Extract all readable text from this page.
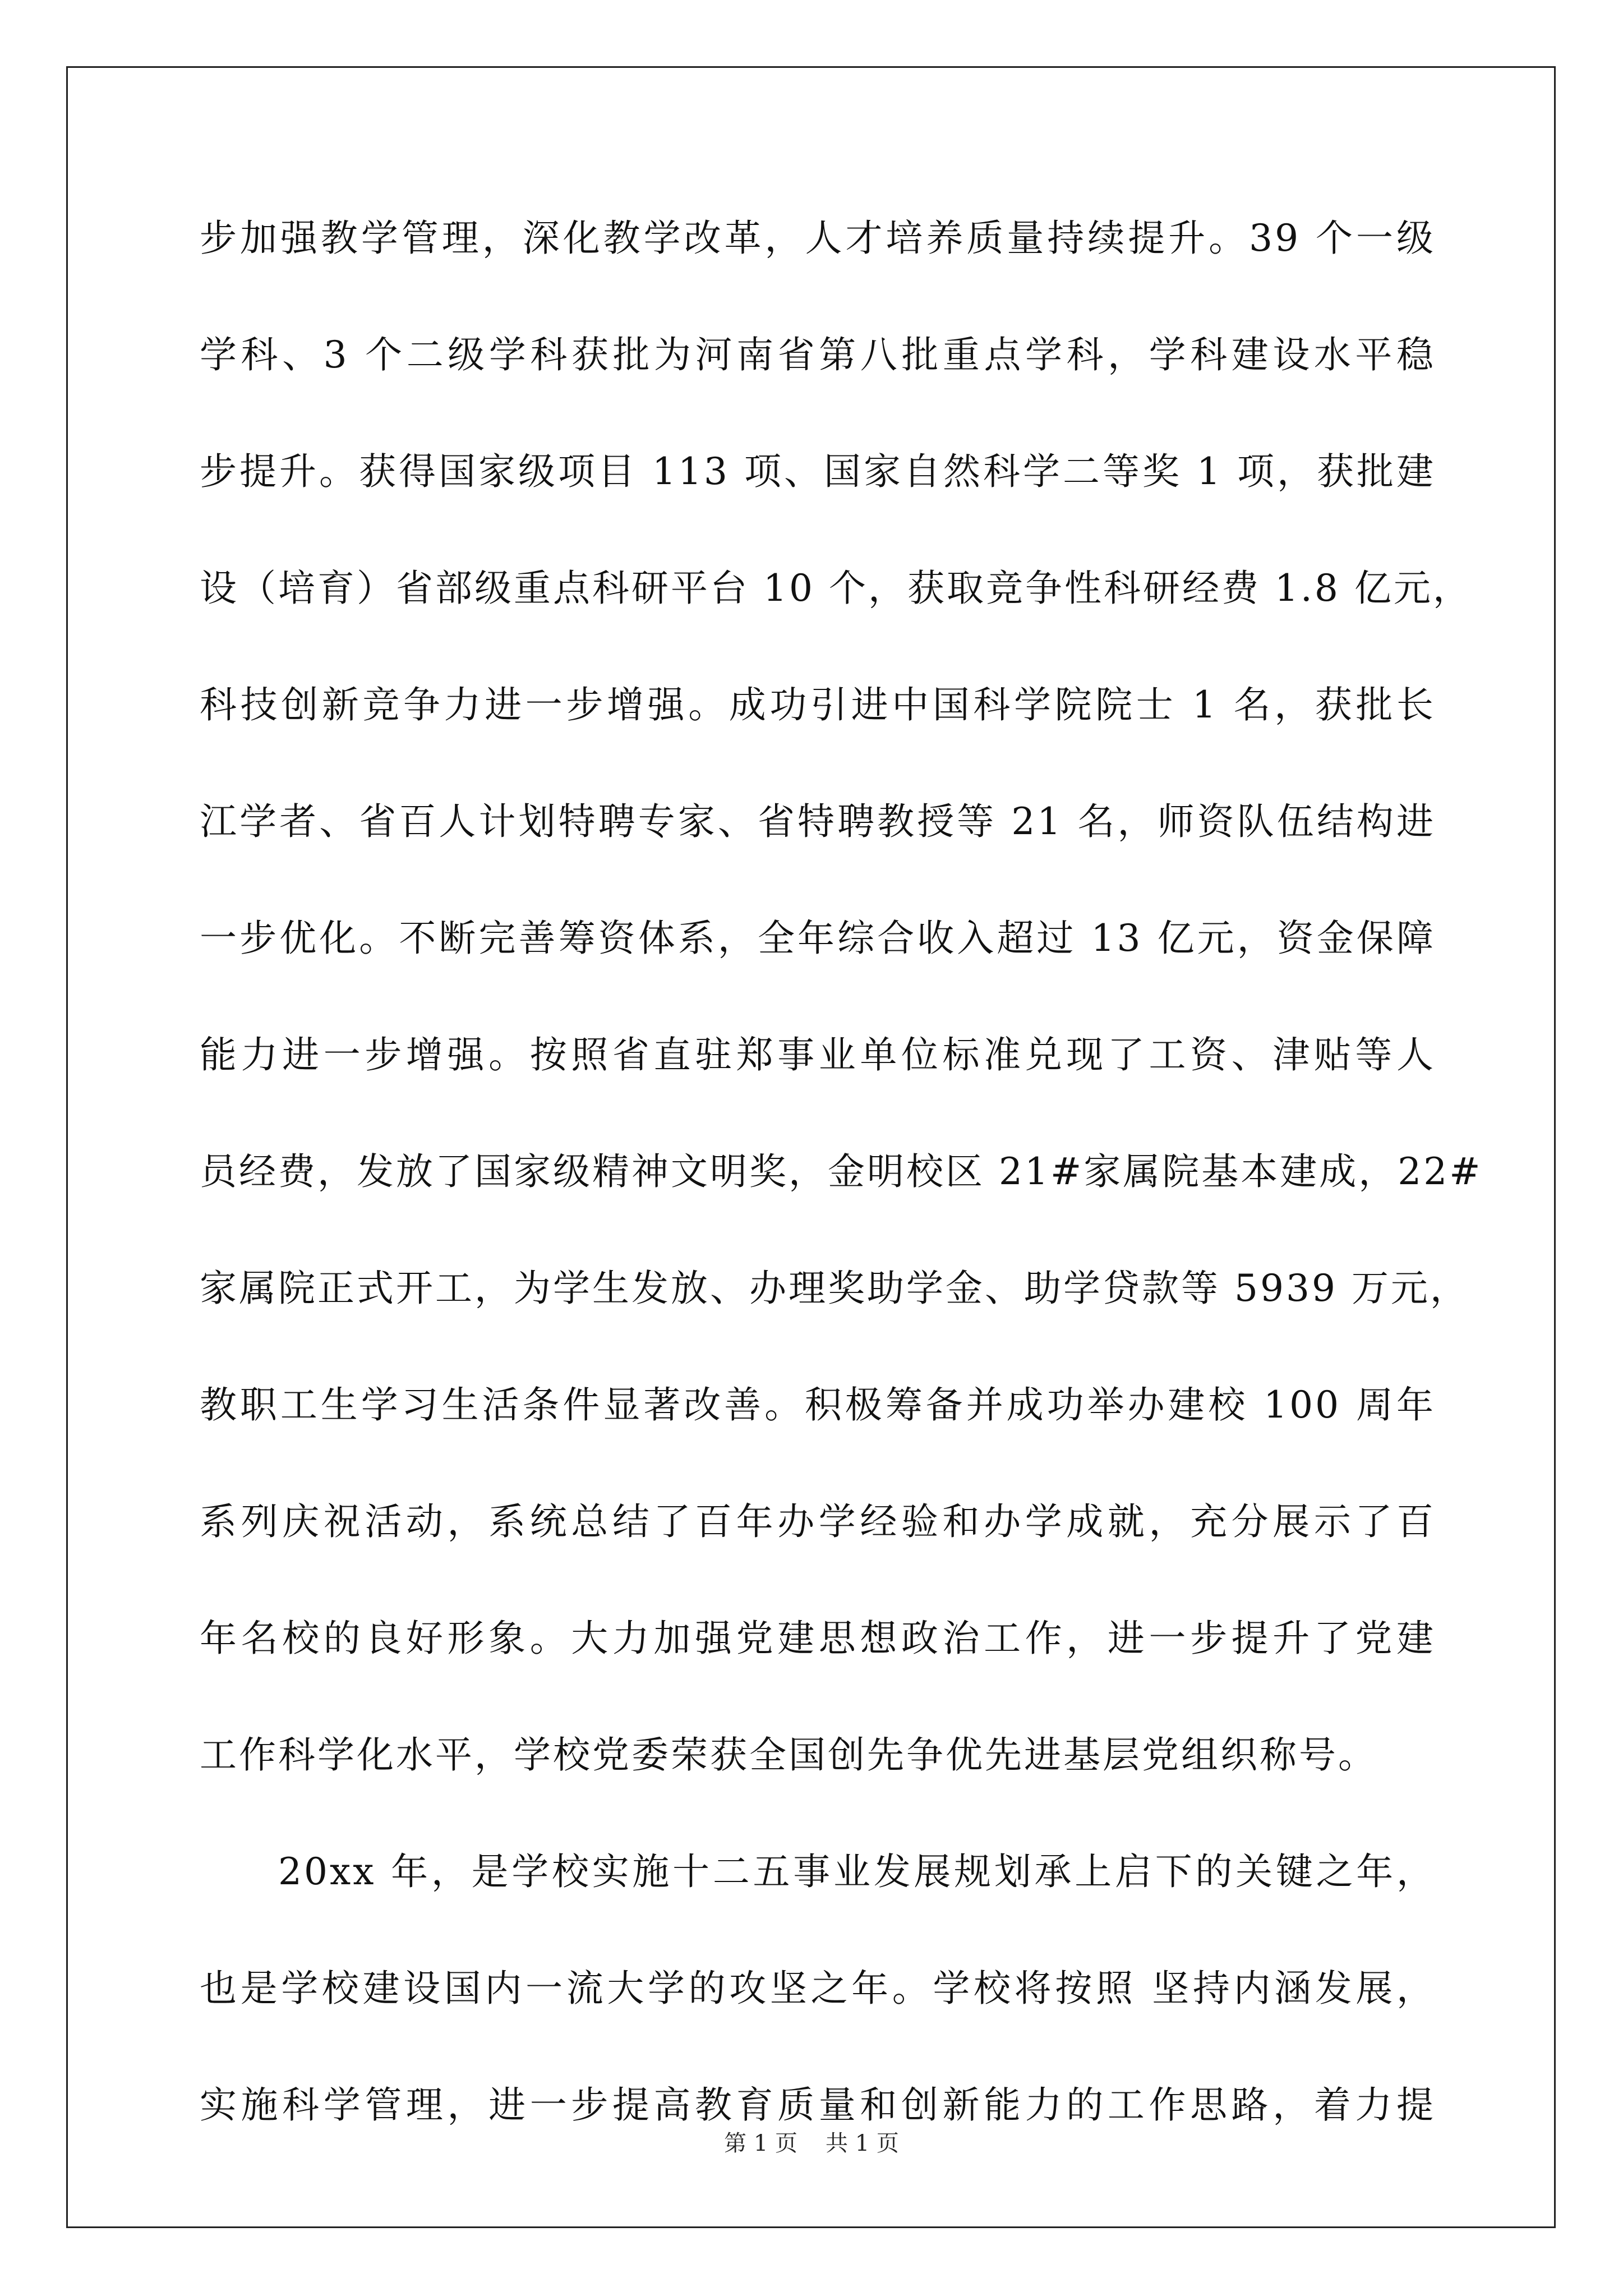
步加强教学管理，深化教学改革，人才培养质量持续提升。39 个一级
学科、3 个二级学科获批为河南省第八批重点学科，学科建设水平稳
步提升。获得国家级项目 113 项、国家自然科学二等奖 1 项，获批建
设（培育）省部级重点科研平台 10 个，获取竞争性科研经费 1.8 亿元，
科技创新竞争力进一步增强。成功引进中国科学院院士 1 名，获批长
江学者、省百人计划特聘专家、省特聘教授等 21 名，师资队伍结构进
一步优化。不断完善筹资体系，全年综合收入超过 13 亿元，资金保障
能力进一步增强。按照省直驻郑事业单位标准兑现了工资、津贴等人
员经费，发放了国家级精神文明奖，金明校区 21#家属院基本建成，22#
家属院正式开工，为学生发放、办理奖助学金、助学贷款等 5939 万元，
教职工生学习生活条件显著改善。积极筹备并成功举办建校 100 周年
系列庆祝活动，系统总结了百年办学经验和办学成就，充分展示了百
年名校的良好形象。大力加强党建思想政治工作，进一步提升了党建
工作科学化水平，学校党委荣获全国创先争优先进基层党组织称号。
20xx 年，是学校实施十二五事业发展规划承上启下的关键之年，
也是学校建设国内一流大学的攻坚之年。学校将按照 坚持内涵发展，
实施科学管理，进一步提高教育质量和创新能力的工作思路，着力提
第 1 页 共 1 页
